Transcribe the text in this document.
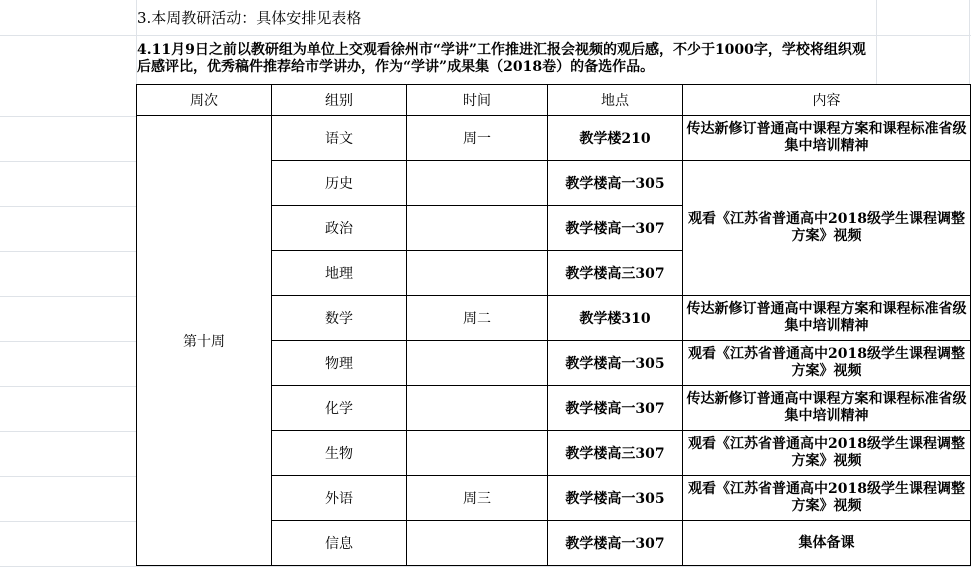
3.本周教研活动：具体安排见表格
4.11月9日之前以教研组为单位上交观看徐州市“学讲”工作推进汇报会视频的观后感，不少于1000字，学校将组织观后感评比，优秀稿件推荐给市学讲办，作为“学讲”成果集（2018卷）的备选作品。
周次	组别	时间	地点	内容
第十周	语文	周一	教学楼210	传达新修订普通高中课程方案和课程标准省级集中培训精神
	历史		教学楼高一305	观看《江苏省普通高中2018级学生课程调整方案》视频
	政治		教学楼高一307	
	地理		教学楼高三307	
	数学	周二	教学楼310	传达新修订普通高中课程方案和课程标准省级集中培训精神
	物理		教学楼高一305	观看《江苏省普通高中2018级学生课程调整方案》视频
	化学		教学楼高一307	传达新修订普通高中课程方案和课程标准省级集中培训精神
	生物		教学楼高三307	观看《江苏省普通高中2018级学生课程调整方案》视频
	外语	周三	教学楼高一305	观看《江苏省普通高中2018级学生课程调整方案》视频
	信息		教学楼高一307	集体备课
